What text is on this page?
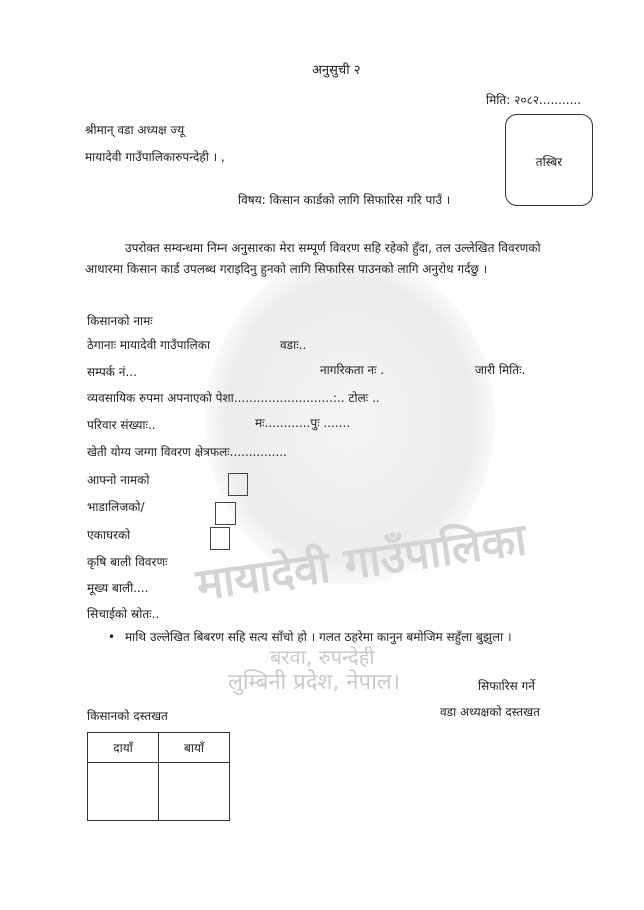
मायादेवी गाउँपालिका
बरवा, रुपन्देही
लुम्बिनी प्रदेश, नेपाल।
अनुसुची २
मिति: २०८२...........
श्रीमान् वडा अध्यक्ष ज्यू
मायादेवी गाउँपालिकारुपन्देही । ,	तस्बिर
विषय: किसान कार्डको लागि सिफारिस गरि पाउँ ।
उपरोक्त सम्वन्धमा निम्न अनुसारका मेरा सम्पूर्ण विवरण सहि रहेको हुँदा, तल उल्लेखित विवरणको
आधारमा किसान कार्ड उपलब्ध गराइदिनु हुनको लागि सिफारिस पाउनको लागि अनुरोध गर्दछु ।
किसानको नामः
ठेगानाः मायादेवी गाउँपालिका	वडाः..
सम्पर्क नं...	नागरिकता नः .	जारी मितिः.
व्यवसायिक रुपमा अपनाएको पेशा..........................:.. टोलः ..
परिवार संख्याः..	मः............पुः .......
खेती योग्य जग्गा विवरण क्षेत्रफलः...............
आफ्नो नामको
भाडालिजको/
एकाघरको
कृषि बाली विवरणः
मूख्य बाली....
सिचाईको स्रोतः..
• माथि उल्लेखित बिबरण सहि सत्य साँचो हो । गलत ठहरेमा कानुन बमोजिम सहुँला बुझुला ।
सिफारिस गर्ने
वडा अध्यक्षको दस्तखत
किसानको दस्तखत
दायाँ	बायाँ
